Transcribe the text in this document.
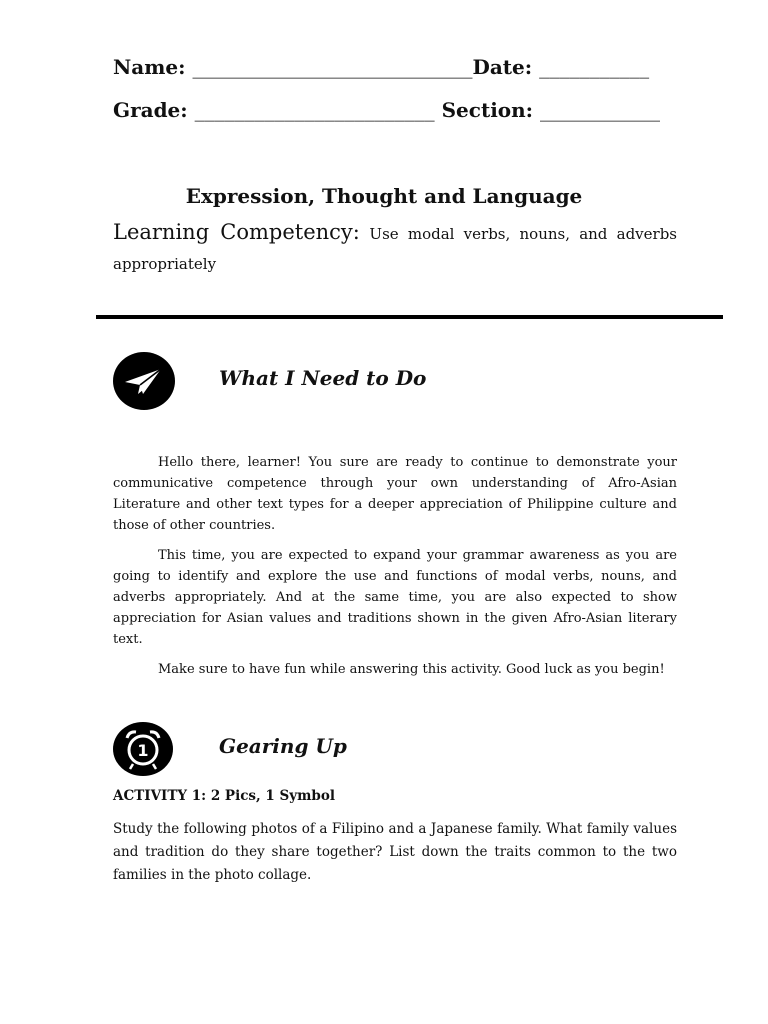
Name: ____________________________Date: ___________
Grade: ________________________ Section: ____________
Expression, Thought and Language
Learning Competency: Use modal verbs, nouns, and adverbs appropriately
What I Need to Do

Hello there, learner! You sure are ready to continue to demonstrate your communicative competence through your own understanding of Afro-Asian Literature and other text types for a deeper appreciation of Philippine culture and those of other countries.

This time, you are expected to expand your grammar awareness as you are going to identify and explore the use and functions of modal verbs, nouns, and adverbs appropriately. And at the same time, you are also expected to show appreciation for Asian values and traditions shown in the given Afro-Asian literary text.

Make sure to have fun while answering this activity. Good luck as you begin!

1	Gearing Up
ACTIVITY 1: 2 Pics, 1 Symbol
Study the following photos of a Filipino and a Japanese family. What family values and tradition do they share together? List down the traits common to the two families in the photo collage.
